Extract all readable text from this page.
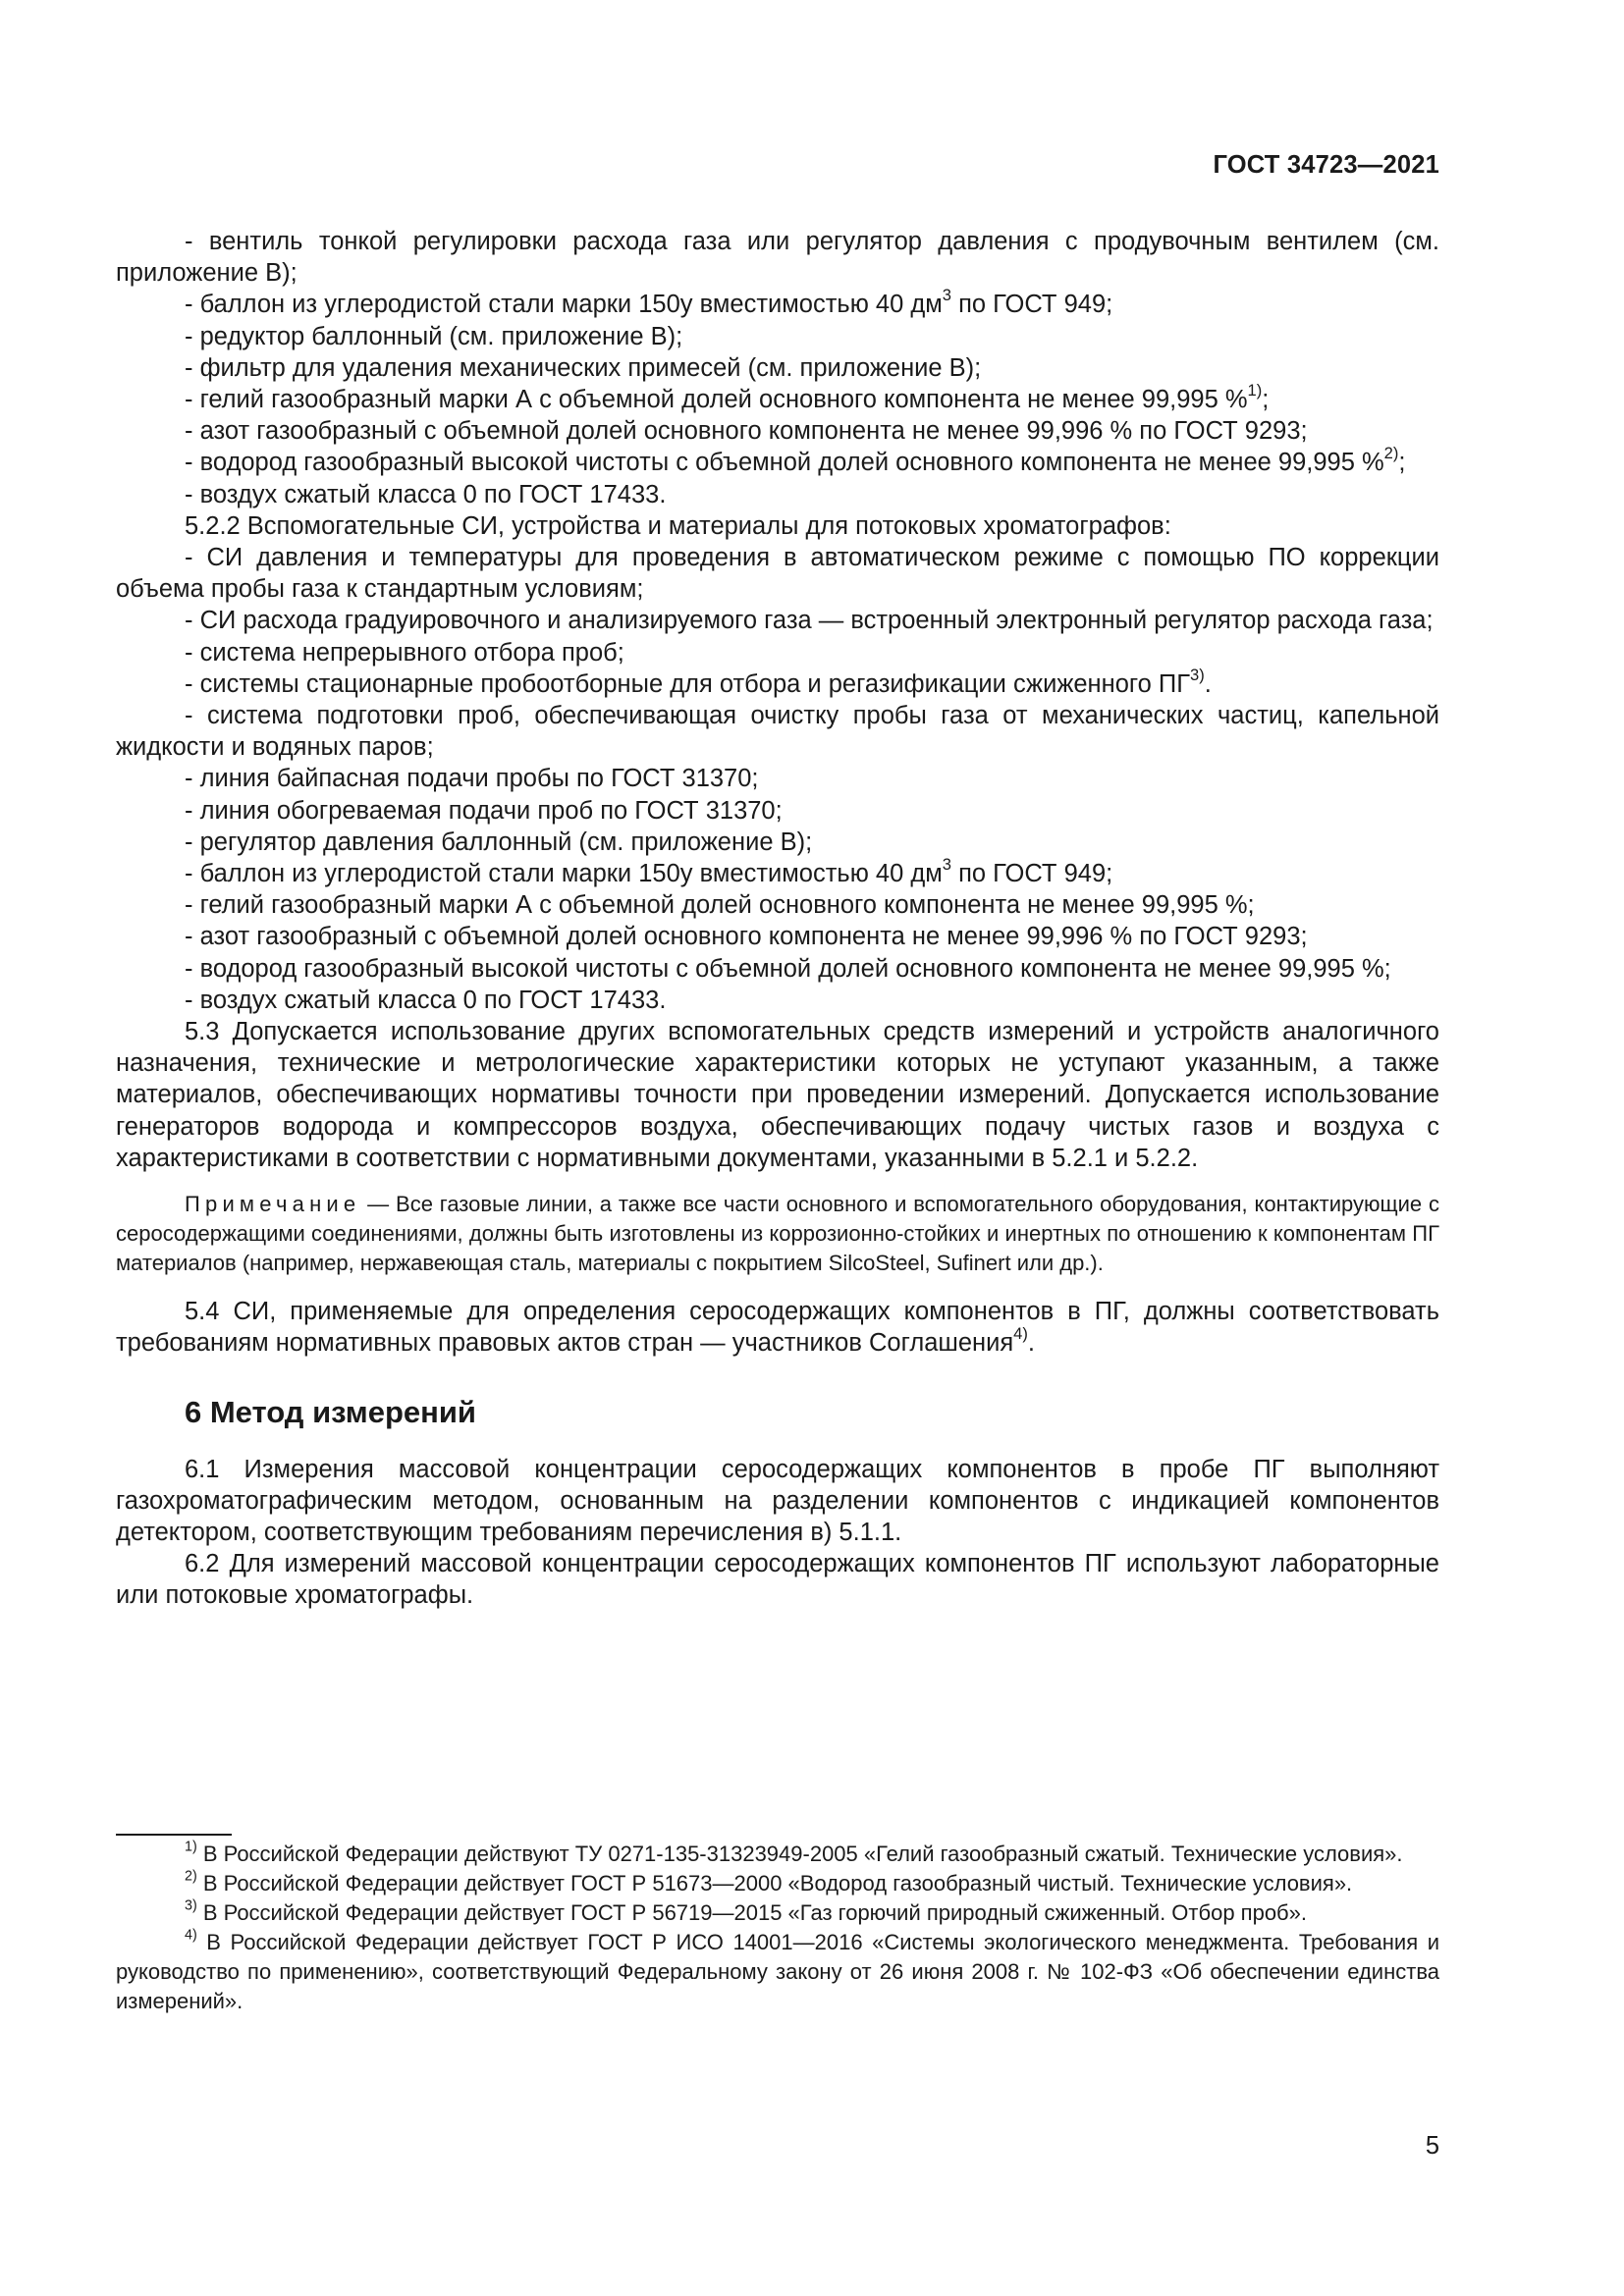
ГОСТ 34723—2021

- вентиль тонкой регулировки расхода газа или регулятор давления с продувочным вентилем (см. приложение В);

- баллон из углеродистой стали марки 150у вместимостью 40 $дм^3$ по ГОСТ 949;

- редуктор баллонный (см. приложение В);

- фильтр для удаления механических примесей (см. приложение В);

- гелий газообразный марки А с объемной долей основного компонента не менее 99,995 %$^{1)}$;

- азот газообразный с объемной долей основного компонента не менее 99,996 % по ГОСТ 9293;

- водород газообразный высокой чистоты с объемной долей основного компонента не менее 99,995 %$^{2)}$;

- воздух сжатый класса 0 по ГОСТ 17433.

5.2.2 Вспомогательные СИ, устройства и материалы для потоковых хроматографов:

- СИ давления и температуры для проведения в автоматическом режиме с помощью ПО коррекции объема пробы газа к стандартным условиям;

- СИ расхода градуировочного и анализируемого газа — встроенный электронный регулятор расхода газа;

- система непрерывного отбора проб;

- системы стационарные пробоотборные для отбора и регазификации сжиженного ПГ$^{3)}$.

- система подготовки проб, обеспечивающая очистку пробы газа от механических частиц, капельной жидкости и водяных паров;

- линия байпасная подачи пробы по ГОСТ 31370;

- линия обогреваемая подачи проб по ГОСТ 31370;

- регулятор давления баллонный (см. приложение В);

- баллон из углеродистой стали марки 150у вместимостью 40 $дм^3$ по ГОСТ 949;

- гелий газообразный марки А с объемной долей основного компонента не менее 99,995 %;

- азот газообразный с объемной долей основного компонента не менее 99,996 % по ГОСТ 9293;

- водород газообразный высокой чистоты с объемной долей основного компонента не менее 99,995 %;

- воздух сжатый класса 0 по ГОСТ 17433.

5.3 Допускается использование других вспомогательных средств измерений и устройств аналогичного назначения, технические и метрологические характеристики которых не уступают указанным, а также материалов, обеспечивающих нормативы точности при проведении измерений. Допускается использование генераторов водорода и компрессоров воздуха, обеспечивающих подачу чистых газов и воздуха с характеристиками в соответствии с нормативными документами, указанными в 5.2.1 и 5.2.2.

Примечание — Все газовые линии, а также все части основного и вспомогательного оборудования, контактирующие с серосодержащими соединениями, должны быть изготовлены из коррозионно-стойких и инертных по отношению к компонентам ПГ материалов (например, нержавеющая сталь, материалы с покрытием SilcoSteel, Sufinert или др.).

5.4 СИ, применяемые для определения серосодержащих компонентов в ПГ, должны соответствовать требованиям нормативных правовых актов стран — участников Соглашения$^{4)}$.

6 Метод измерений

6.1 Измерения массовой концентрации серосодержащих компонентов в пробе ПГ выполняют газохроматографическим методом, основанным на разделении компонентов с индикацией компонентов детектором, соответствующим требованиям перечисления в) 5.1.1.

6.2 Для измерений массовой концентрации серосодержащих компонентов ПГ используют лабораторные или потоковые хроматографы.

$^{1)}$ В Российской Федерации действуют ТУ 0271-135-31323949-2005 «Гелий газообразный сжатый. Технические условия».

$^{2)}$ В Российской Федерации действует ГОСТ Р 51673—2000 «Водород газообразный чистый. Технические условия».

$^{3)}$ В Российской Федерации действует ГОСТ Р 56719—2015 «Газ горючий природный сжиженный. Отбор проб».

$^{4)}$ В Российской Федерации действует ГОСТ Р ИСО 14001—2016 «Системы экологического менеджмента. Требования и руководство по применению», соответствующий Федеральному закону от 26 июня 2008 г. № 102-ФЗ «Об обеспечении единства измерений».

5
